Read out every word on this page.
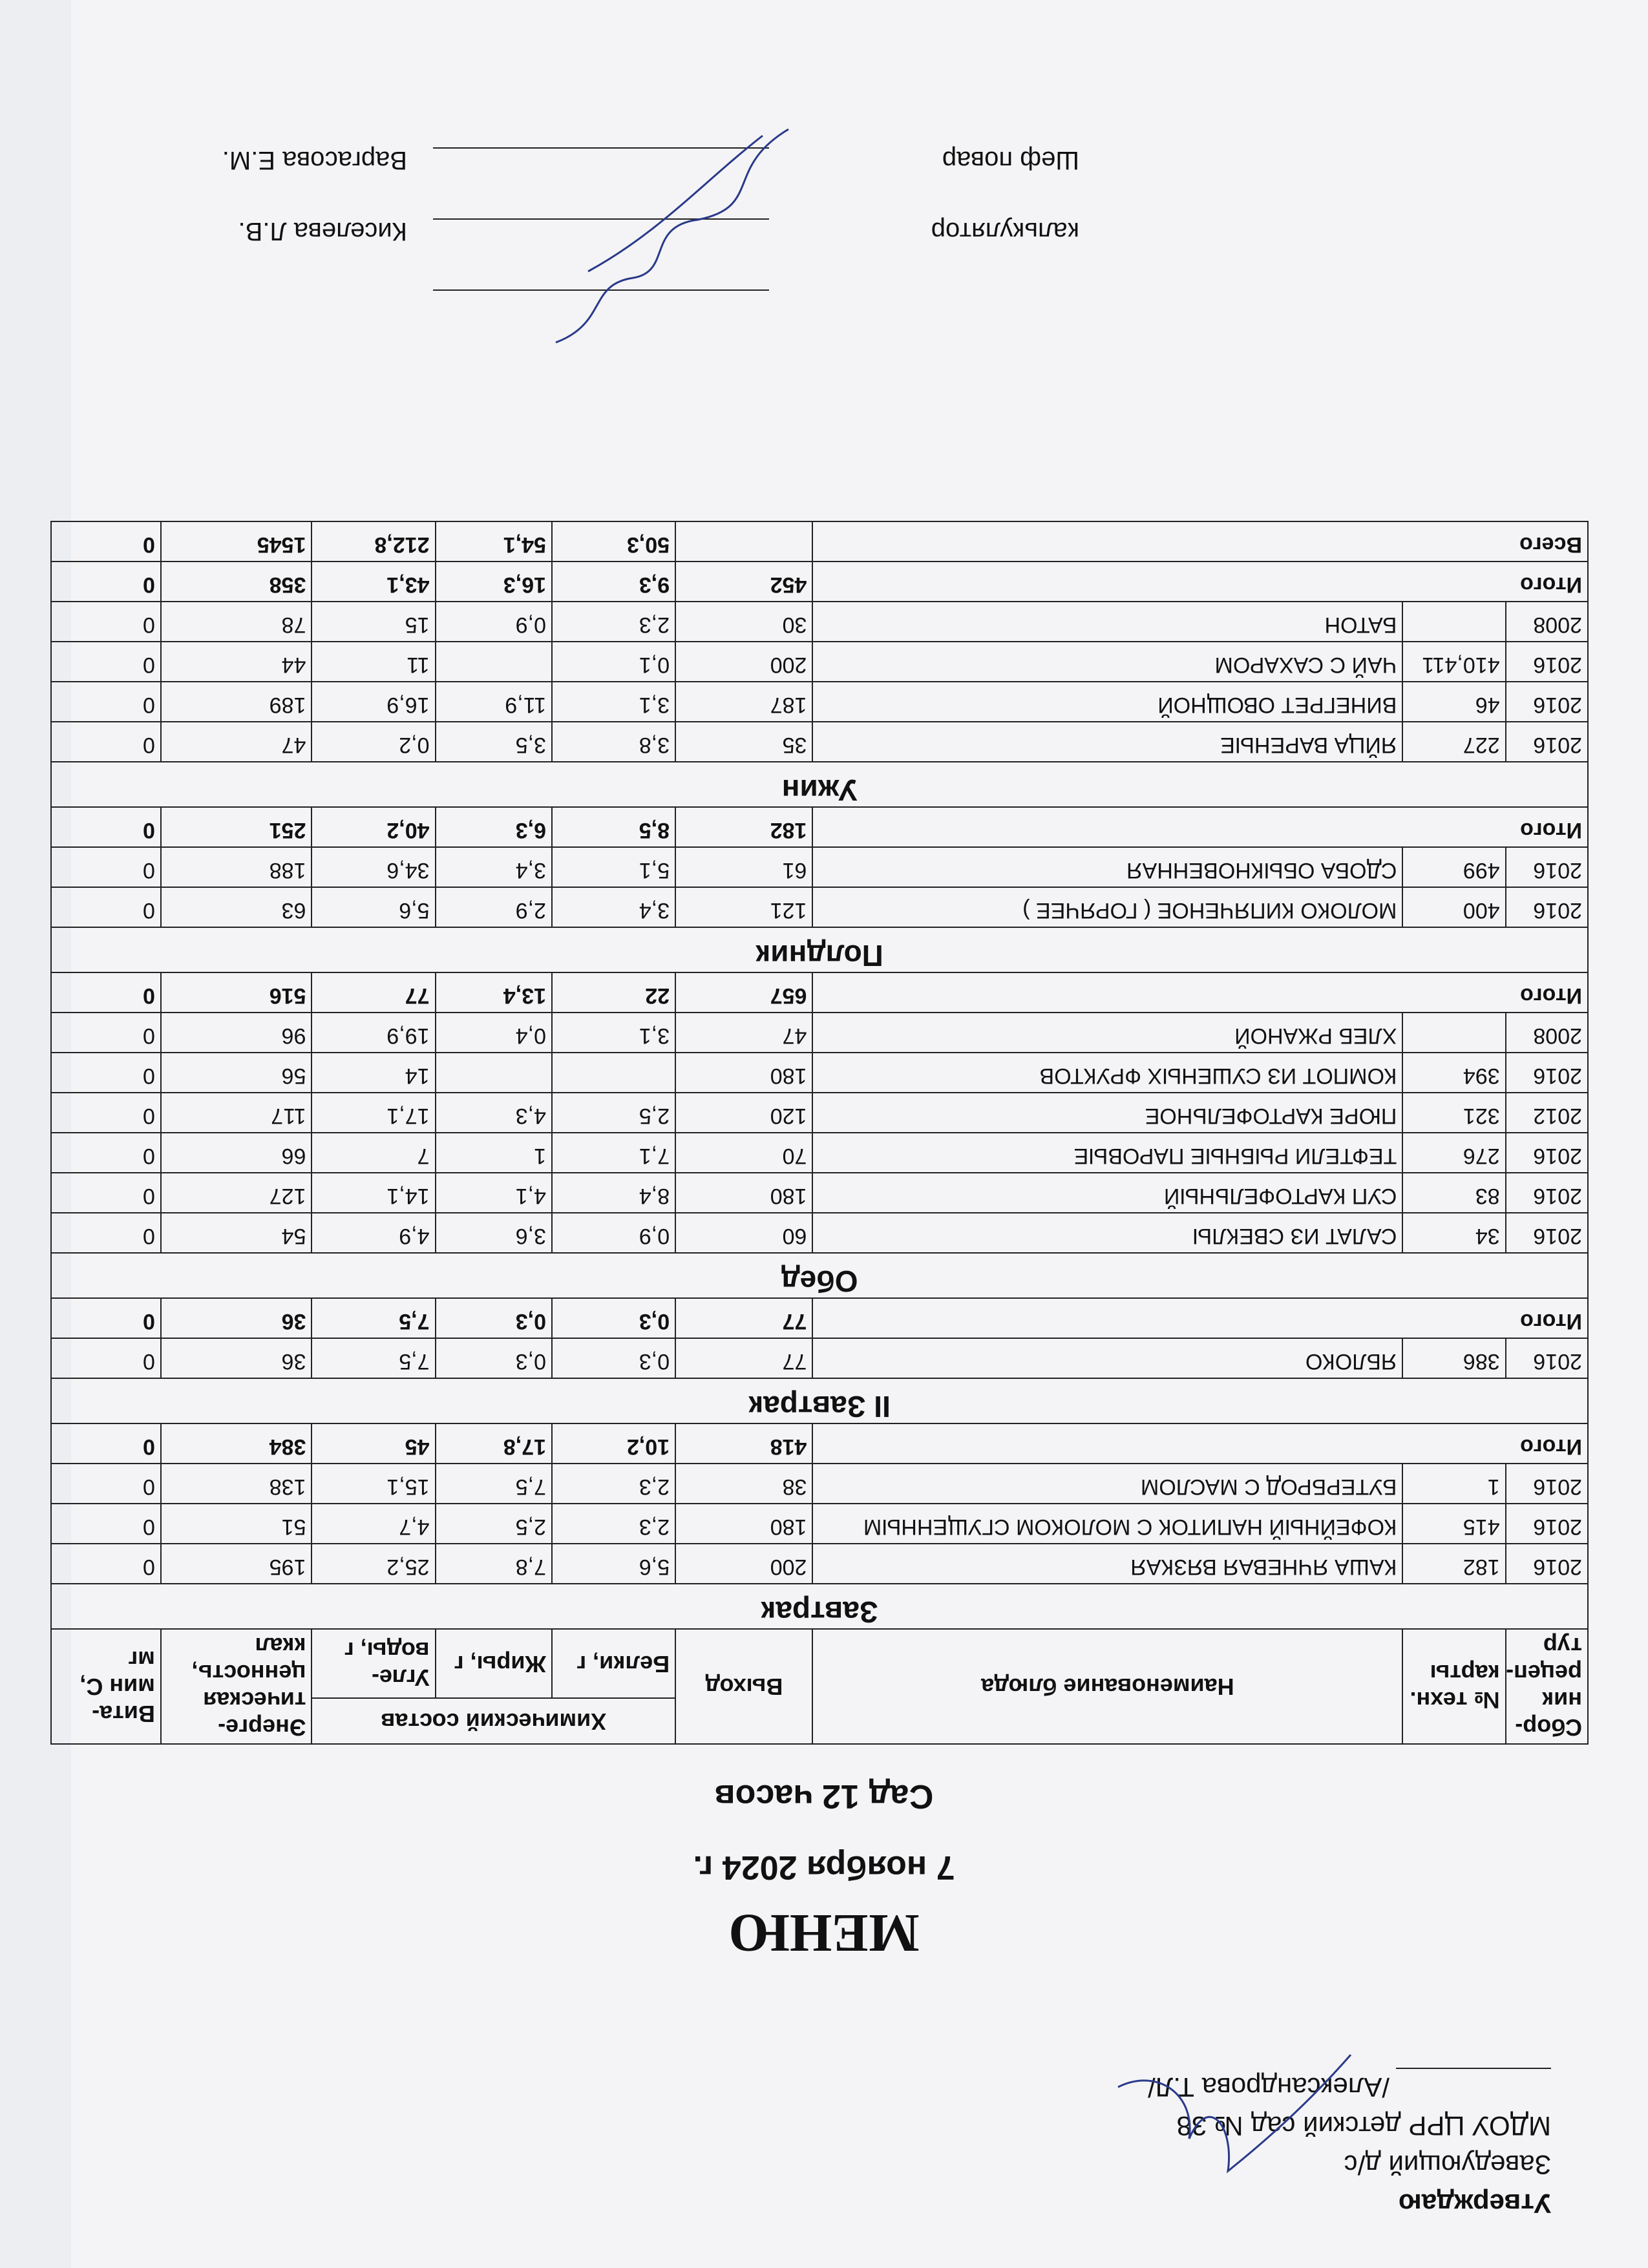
Утверждаю
Заведующий д/с
МДОУ ЦРР детский сад № 38
/Александрова Т.Л/
МЕНЮ
7 ноября 2024 г.
Сад 12 часов
Сбор-ник рецеп-тур	№ техн. карты	Наименование блюда	Выход	Химический состав			Энерге-тическая ценность, ккал	Вита-мин С, мг
				Белки, г	Жиры, г	Угле-воды, г		
Завтрак								
2016	182	КАША ЯЧНЕВАЯ ВЯЗКАЯ	200	5,6	7,8	25,2	195	0
2016	415	КОФЕЙНЫЙ НАПИТОК С МОЛОКОМ СГУЩЕННЫМ	180	2,3	2,5	4,7	51	0
2016	1	БУТЕРБРОД С МАСЛОМ	38	2,3	7,5	15,1	138	0
Итого			418	10,2	17,8	45	384	0
II Завтрак								
2016	386	ЯБЛОКО	77	0,3	0,3	7,5	36	0
Итого			77	0,3	0,3	7,5	36	0
Обед								
2016	34	САЛАТ ИЗ СВЕКЛЫ	60	0,9	3,6	4,9	54	0
2016	83	СУП КАРТОФЕЛЬНЫЙ	180	8,4	4,1	14,1	127	0
2016	276	ТЕФТЕЛИ РЫБНЫЕ ПАРОВЫЕ	70	7,1	1	7	66	0
2012	321	ПЮРЕ КАРТОФЕЛЬНОЕ	120	2,5	4,3	17,1	117	0
2016	394	КОМПОТ ИЗ СУШЕНЫХ ФРУКТОВ	180			14	56	0
2008		ХЛЕБ РЖАНОЙ	47	3,1	0,4	19,9	96	0
Итого			657	22	13,4	77	516	0
Полдник								
2016	400	МОЛОКО КИПЯЧЕНОЕ ( ГОРЯЧЕЕ )	121	3,4	2,9	5,6	63	0
2016	499	СДОБА ОБЫКНОВЕННАЯ	61	5,1	3,4	34,6	188	0
Итого			182	8,5	6,3	40,2	251	0
Ужин								
2016	227	ЯЙЦА ВАРЕНЫЕ	35	3,8	3,5	0,2	47	0
2016	46	ВИНЕГРЕТ ОВОЩНОЙ	187	3,1	11,9	16,9	189	0
2016	410,411	ЧАЙ С САХАРОМ	200	0,1		11	44	0
2008		БАТОН	30	2,3	0,9	15	78	0
Итого			452	9,3	16,3	43,1	358	0
Всего				50,3	54,1	212,8	1545	0
калькулятор
Киселева Л.В.
Шеф повар
Варгасова Е.М.
